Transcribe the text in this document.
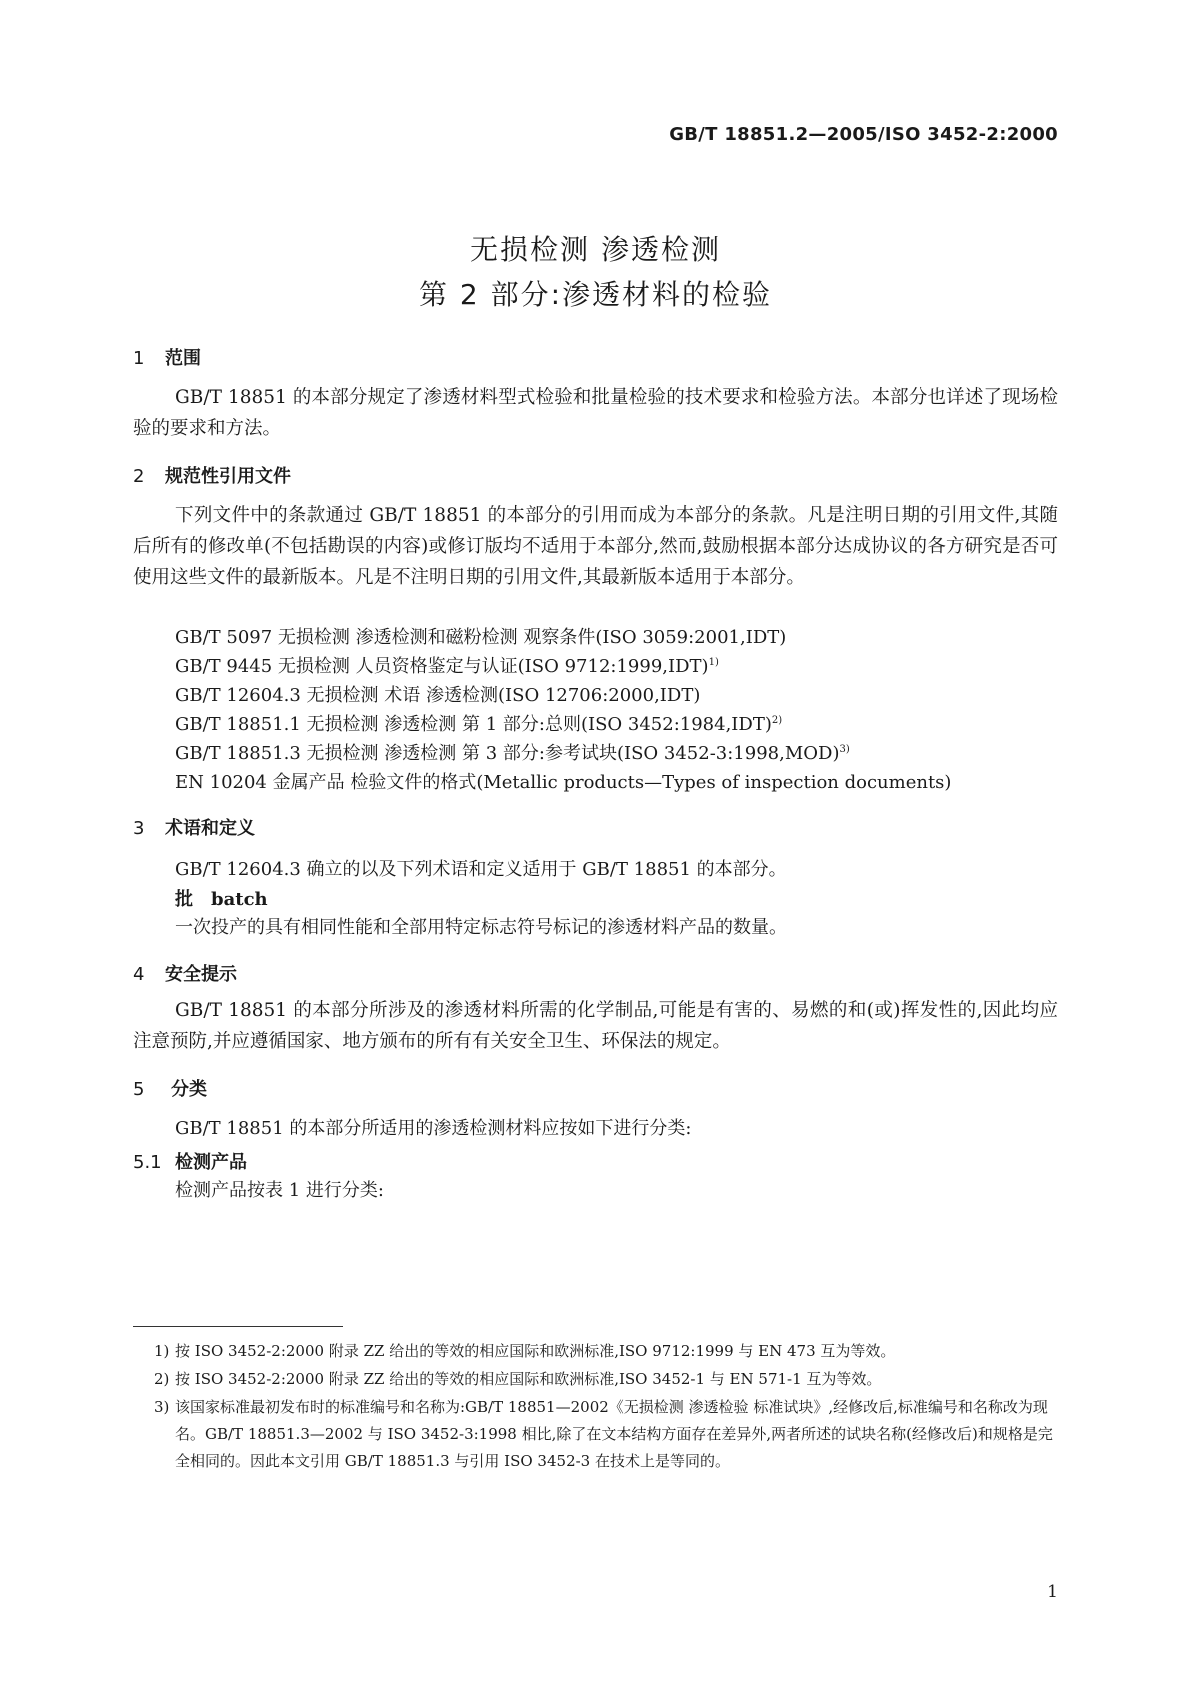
GB/T 18851.2—2005/ISO 3452-2:2000
无损检测 渗透检测
第 2 部分:渗透材料的检验
1 范围
GB/T 18851 的本部分规定了渗透材料型式检验和批量检验的技术要求和检验方法。本部分也详述了现场检验的要求和方法。
2 规范性引用文件
下列文件中的条款通过 GB/T 18851 的本部分的引用而成为本部分的条款。凡是注明日期的引用文件,其随后所有的修改单(不包括勘误的内容)或修订版均不适用于本部分,然而,鼓励根据本部分达成协议的各方研究是否可使用这些文件的最新版本。凡是不注明日期的引用文件,其最新版本适用于本部分。
GB/T 5097 无损检测 渗透检测和磁粉检测 观察条件(ISO 3059:2001,IDT)
GB/T 9445 无损检测 人员资格鉴定与认证(ISO 9712:1999,IDT)$^{1)}$
GB/T 12604.3 无损检测 术语 渗透检测(ISO 12706:2000,IDT)
GB/T 18851.1 无损检测 渗透检测 第 1 部分:总则(ISO 3452:1984,IDT)$^{2)}$
GB/T 18851.3 无损检测 渗透检测 第 3 部分:参考试块(ISO 3452-3:1998,MOD)$^{3)}$
EN 10204 金属产品 检验文件的格式(Metallic products—Types of inspection documents)
3 术语和定义
GB/T 12604.3 确立的以及下列术语和定义适用于 GB/T 18851 的本部分。
批 batch
一次投产的具有相同性能和全部用特定标志符号标记的渗透材料产品的数量。
4 安全提示
GB/T 18851 的本部分所涉及的渗透材料所需的化学制品,可能是有害的、易燃的和(或)挥发性的,因此均应注意预防,并应遵循国家、地方颁布的所有有关安全卫生、环保法的规定。
5 分类
GB/T 18851 的本部分所适用的渗透检测材料应按如下进行分类:
5.1 检测产品
检测产品按表 1 进行分类:
1) 按 ISO 3452-2:2000 附录 ZZ 给出的等效的相应国际和欧洲标准,ISO 9712:1999 与 EN 473 互为等效。
2) 按 ISO 3452-2:2000 附录 ZZ 给出的等效的相应国际和欧洲标准,ISO 3452-1 与 EN 571-1 互为等效。
3) 该国家标准最初发布时的标准编号和名称为:GB/T 18851—2002《无损检测 渗透检验 标准试块》,经修改后,标准编号和名称改为现名。GB/T 18851.3—2002 与 ISO 3452-3:1998 相比,除了在文本结构方面存在差异外,两者所述的试块名称(经修改后)和规格是完全相同的。因此本文引用 GB/T 18851.3 与引用 ISO 3452-3 在技术上是等同的。
1
